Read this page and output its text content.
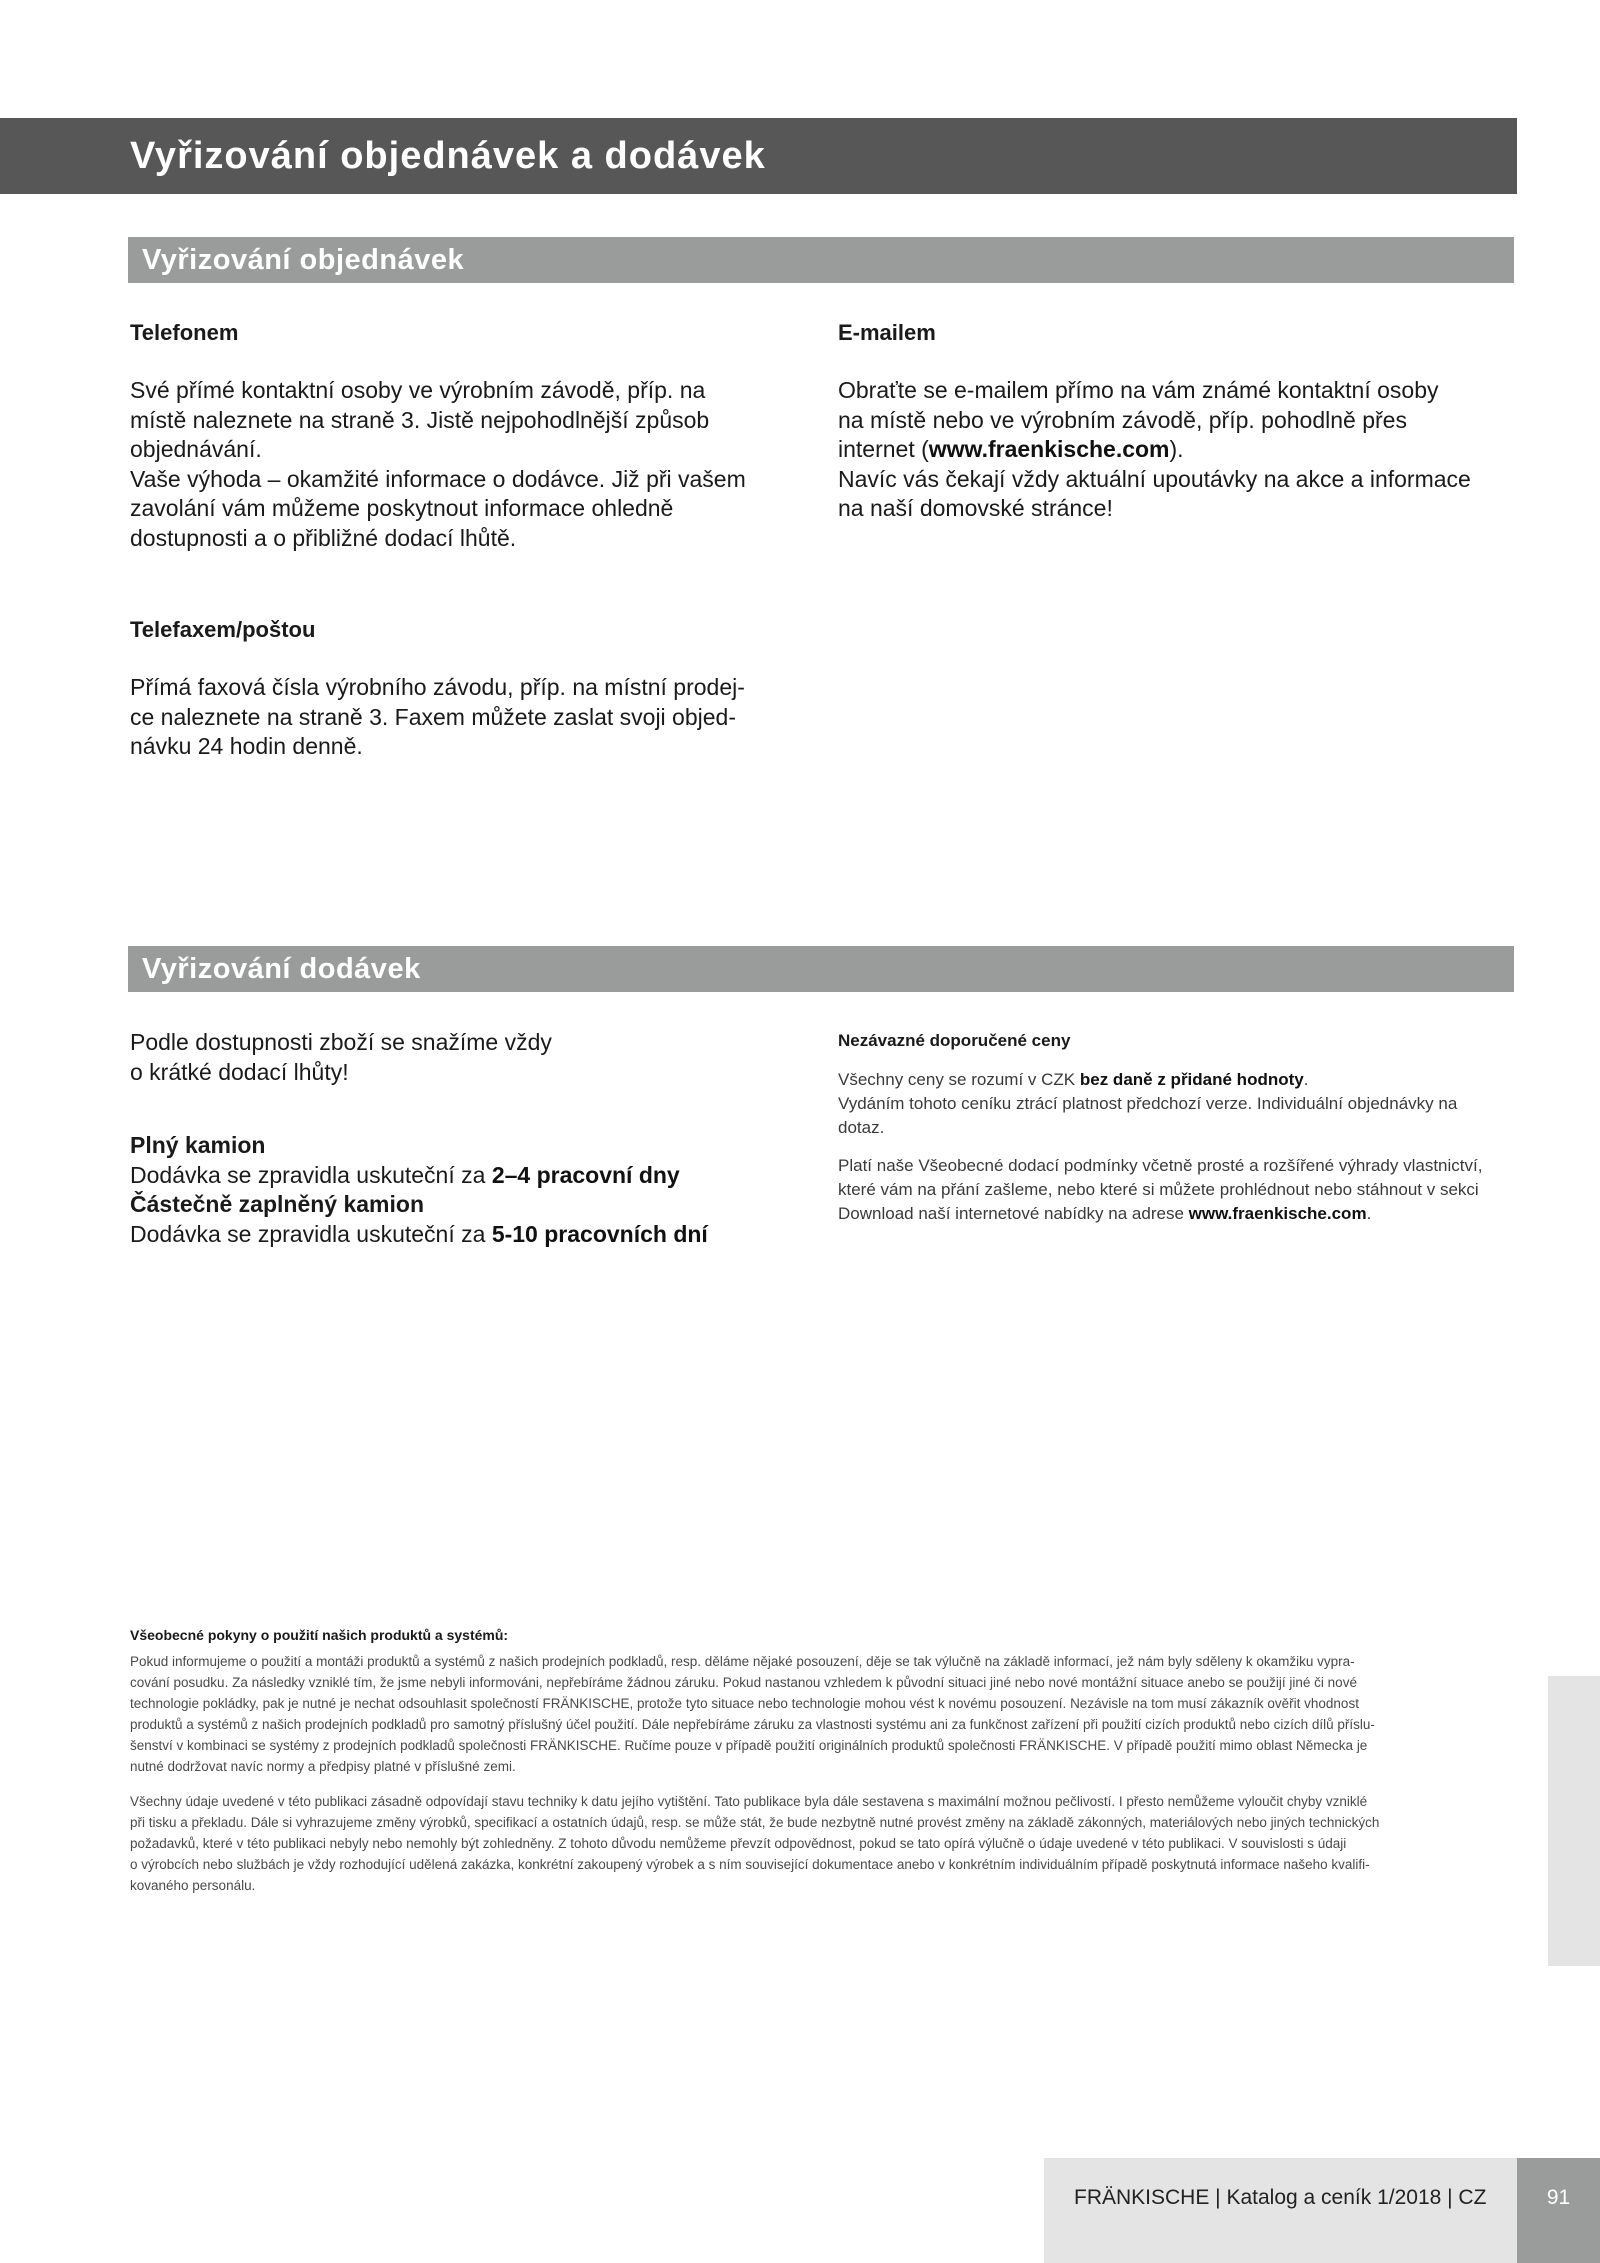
Vyřizování objednávek a dodávek
Vyřizování objednávek

Telefonem

Své přímé kontaktní osoby ve výrobním závodě, příp. na

místě naleznete na straně 3. Jistě nejpohodlnější způsob

objednávání.

Vaše výhoda – okamžité informace o dodávce. Již při vašem

zavolání vám můžeme poskytnout informace ohledně

dostupnosti a o přibližné dodací lhůtě.

E-mailem

Obraťte se e-mailem přímo na vám známé kontaktní osoby

na místě nebo ve výrobním závodě, příp. pohodlně přes

internet (www.fraenkische.com).

Navíc vás čekají vždy aktuální upoutávky na akce a informace

na naší domovské stránce!

Telefaxem/poštou

Přímá faxová čísla výrobního závodu, příp. na místní prodej-

ce naleznete na straně 3. Faxem můžete zaslat svoji objed-

návku 24 hodin denně.

Vyřizování dodávek

Podle dostupnosti zboží se snažíme vždy

o krátké dodací lhůty!

Plný kamion

Dodávka se zpravidla uskuteční za 2–4 pracovní dny

Částečně zaplněný kamion

Dodávka se zpravidla uskuteční za 5-10 pracovních dní

Nezávazné doporučené ceny

Všechny ceny se rozumí v CZK bez daně z přidané hodnoty.

Vydáním tohoto ceníku ztrácí platnost předchozí verze. Individuální objednávky na

dotaz.

Platí naše Všeobecné dodací podmínky včetně prosté a rozšířené výhrady vlastnictví,

které vám na přání zašleme, nebo které si můžete prohlédnout nebo stáhnout v sekci

Download naší internetové nabídky na adrese www.fraenkische.com.

Všeobecné pokyny o použití našich produktů a systémů:

Pokud informujeme o použití a montáži produktů a systémů z našich prodejních podkladů, resp. děláme nějaké posouzení, děje se tak výlučně na základě informací, jež nám byly sděleny k okamžiku vypra-

cování posudku. Za následky vzniklé tím, že jsme nebyli informováni, nepřebíráme žádnou záruku. Pokud nastanou vzhledem k původní situaci jiné nebo nové montážní situace anebo se použijí jiné či nové

technologie pokládky, pak je nutné je nechat odsouhlasit společností FRÄNKISCHE, protože tyto situace nebo technologie mohou vést k novému posouzení. Nezávisle na tom musí zákazník ověřit vhodnost

produktů a systémů z našich prodejních podkladů pro samotný příslušný účel použití. Dále nepřebíráme záruku za vlastnosti systému ani za funkčnost zařízení při použití cizích produktů nebo cizích dílů příslu-

šenství v kombinaci se systémy z prodejních podkladů společnosti FRÄNKISCHE. Ručíme pouze v případě použití originálních produktů společnosti FRÄNKISCHE. V případě použití mimo oblast Německa je

nutné dodržovat navíc normy a předpisy platné v příslušné zemi.

Všechny údaje uvedené v této publikaci zásadně odpovídají stavu techniky k datu jejího vytištění. Tato publikace byla dále sestavena s maximální možnou pečlivostí. I přesto nemůžeme vyloučit chyby vzniklé

při tisku a překladu. Dále si vyhrazujeme změny výrobků, specifikací a ostatních údajů, resp. se může stát, že bude nezbytně nutné provést změny na základě zákonných, materiálových nebo jiných technických

požadavků, které v této publikaci nebyly nebo nemohly být zohledněny. Z tohoto důvodu nemůžeme převzít odpovědnost, pokud se tato opírá výlučně o údaje uvedené v této publikaci. V souvislosti s údaji

o výrobcích nebo službách je vždy rozhodující udělená zakázka, konkrétní zakoupený výrobek a s ním související dokumentace anebo v konkrétním individuálním případě poskytnutá informace našeho kvalifi-

kovaného personálu.

FRÄNKISCHE | Katalog a ceník 1/2018 | CZ	91
